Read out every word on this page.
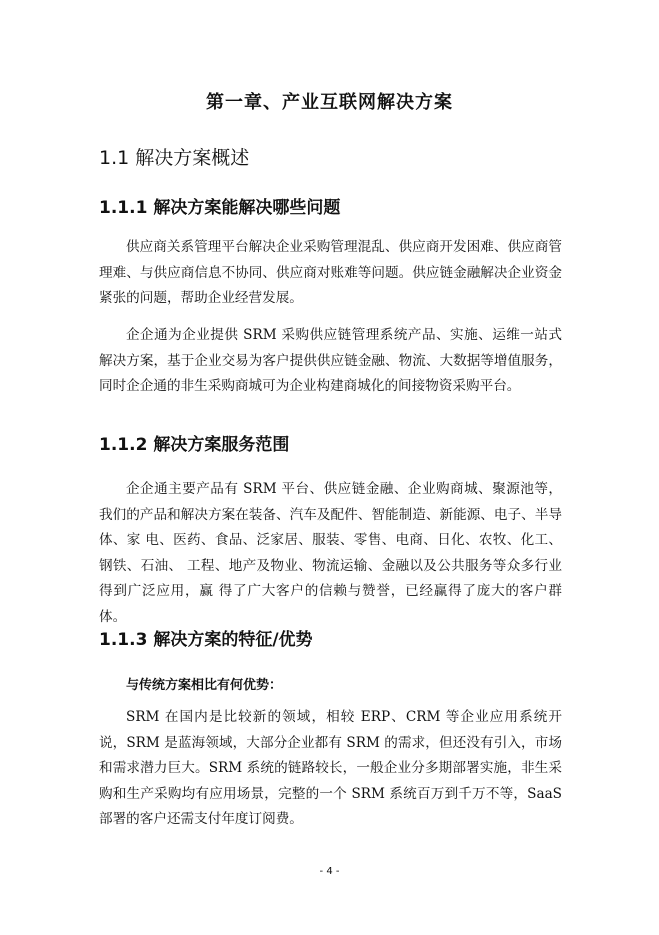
第一章、产业互联网解决方案
1.1 解决方案概述
1.1.1 解决方案能解决哪些问题

供应商关系管理平台解决企业采购管理混乱、供应商开发困难、供应商管理难、与供应商信息不协同、供应商对账难等问题。供应链金融解决企业资金紧张的问题，帮助企业经营发展。

企企通为企业提供 SRM 采购供应链管理系统产品、实施、运维一站式解决方案，基于企业交易为客户提供供应链金融、物流、大数据等增值服务，同时企企通的非生采购商城可为企业构建商城化的间接物资采购平台。

1.1.2 解决方案服务范围

企企通主要产品有 SRM 平台、供应链金融、企业购商城、聚源池等，我们的产品和解决方案在装备、汽车及配件、智能制造、新能源、电子、半导体、家 电、医药、食品、泛家居、服装、零售、电商、日化、农牧、化工、钢铁、石油、 工程、地产及物业、物流运输、金融以及公共服务等众多行业得到广泛应用，赢 得了广大客户的信赖与赞誉，已经赢得了庞大的客户群体。

1.1.3 解决方案的特征/优势

与传统方案相比有何优势：

SRM 在国内是比较新的领域，相较 ERP、CRM 等企业应用系统开说，SRM 是蓝海领域，大部分企业都有 SRM 的需求，但还没有引入，市场和需求潜力巨大。SRM 系统的链路较长，一般企业分多期部署实施，非生采购和生产采购均有应用场景，完整的一个 SRM 系统百万到千万不等，SaaS 部署的客户还需支付年度订阅费。

- 4 -
